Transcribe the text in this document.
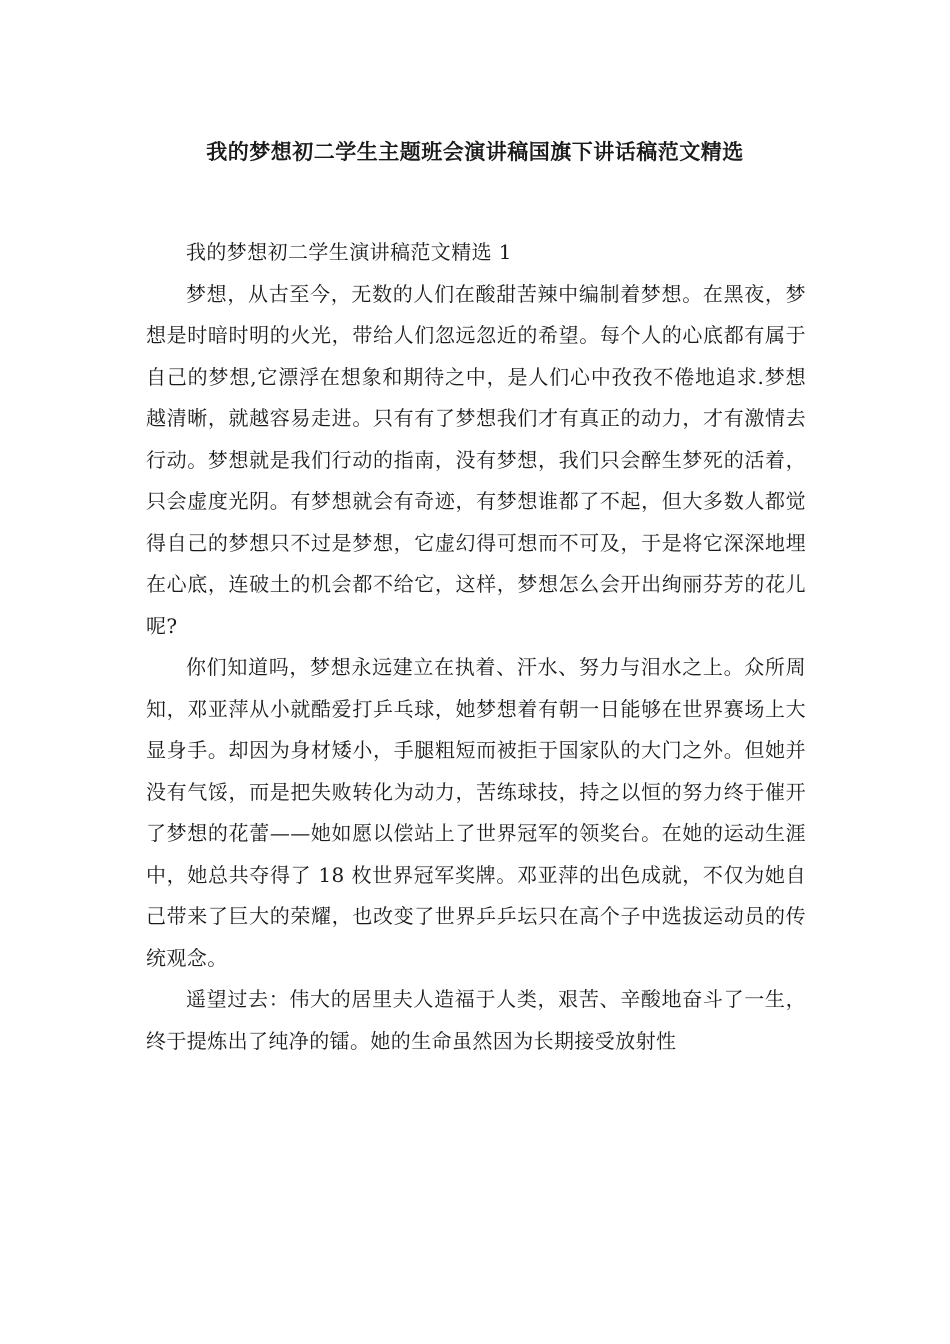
我的梦想初二学生主题班会演讲稿国旗下讲话稿范文精选

我的梦想初二学生演讲稿范文精选 1

梦想，从古至今，无数的人们在酸甜苦辣中编制着梦想。在黑夜，梦想是时暗时明的火光，带给人们忽远忽近的希望。每个人的心底都有属于自己的梦想,它漂浮在想象和期待之中，是人们心中孜孜不倦地追求.梦想越清晰，就越容易走进。只有有了梦想我们才有真正的动力，才有激情去行动。梦想就是我们行动的指南，没有梦想，我们只会醉生梦死的活着，只会虚度光阴。有梦想就会有奇迹，有梦想谁都了不起，但大多数人都觉得自己的梦想只不过是梦想，它虚幻得可想而不可及，于是将它深深地埋在心底，连破土的机会都不给它，这样，梦想怎么会开出绚丽芬芳的花儿呢?

你们知道吗，梦想永远建立在执着、汗水、努力与泪水之上。众所周知，邓亚萍从小就酷爱打乒乓球，她梦想着有朝一日能够在世界赛场上大显身手。却因为身材矮小，手腿粗短而被拒于国家队的大门之外。但她并没有气馁，而是把失败转化为动力，苦练球技，持之以恒的努力终于催开了梦想的花蕾——她如愿以偿站上了世界冠军的领奖台。在她的运动生涯中，她总共夺得了 18 枚世界冠军奖牌。邓亚萍的出色成就，不仅为她自己带来了巨大的荣耀，也改变了世界乒乒坛只在高个子中选拔运动员的传统观念。

遥望过去：伟大的居里夫人造福于人类，艰苦、辛酸地奋斗了一生，终于提炼出了纯净的镭。她的生命虽然因为长期接受放射性
